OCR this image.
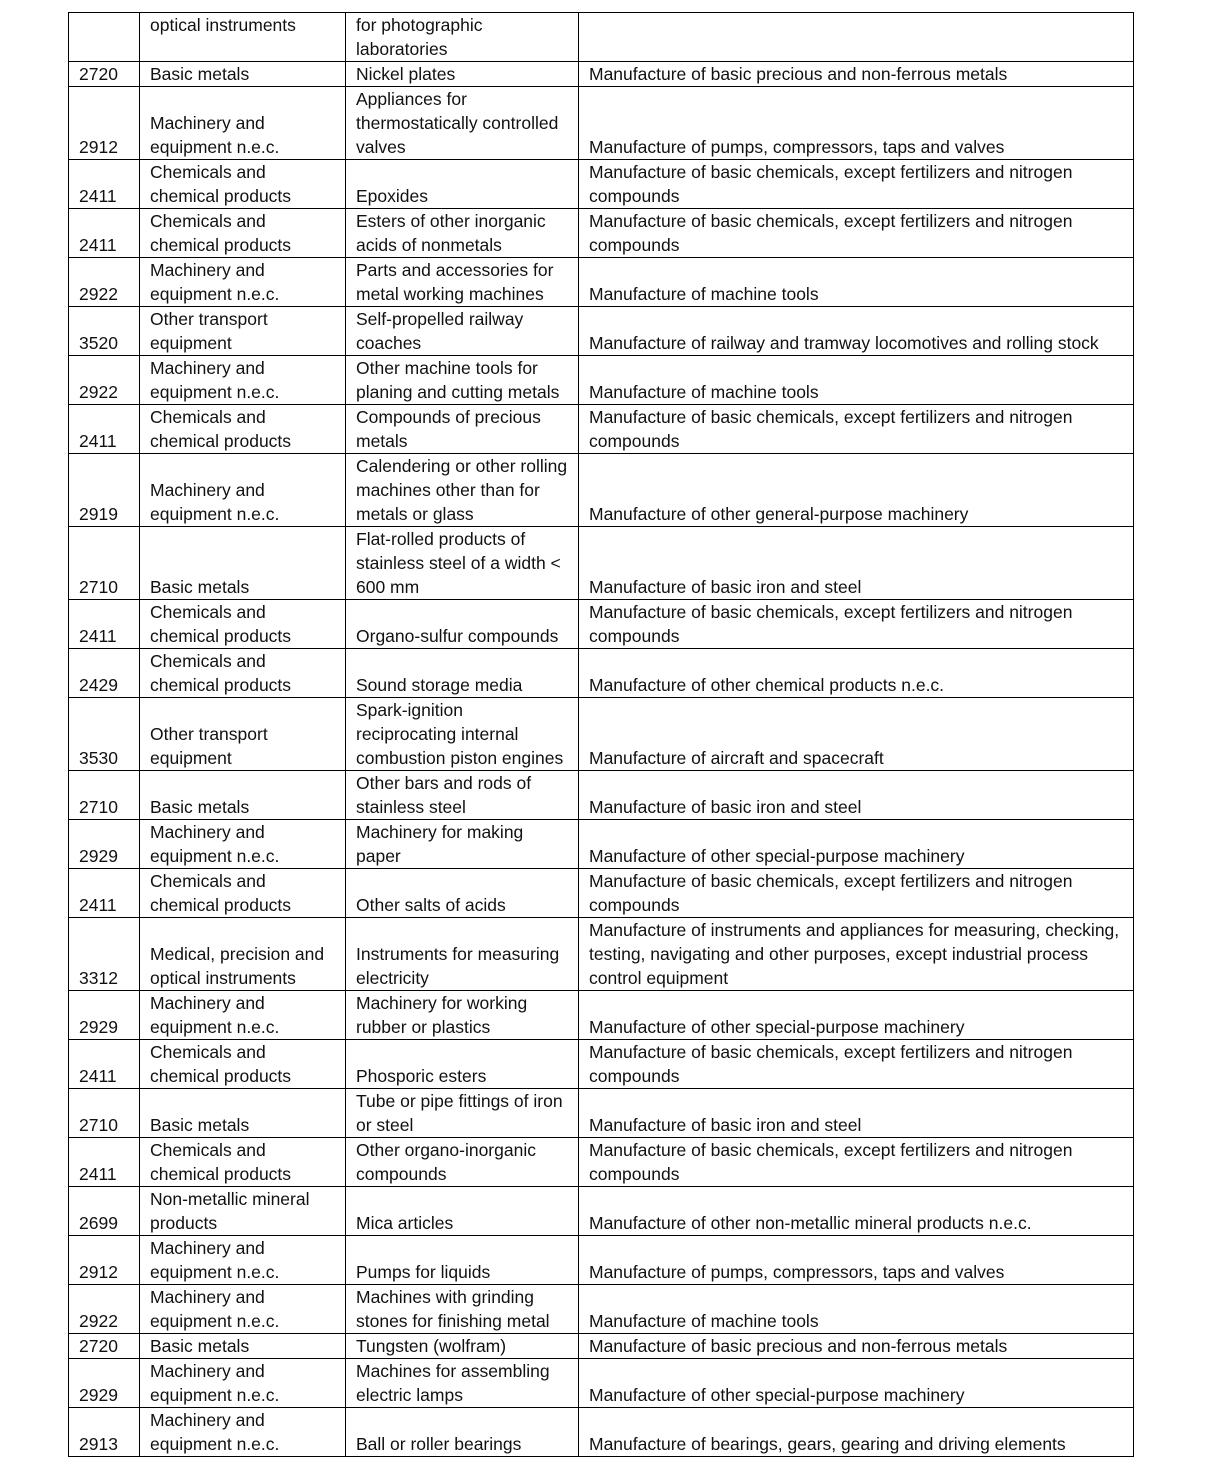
	optical instruments	for photographic laboratories	
2720	Basic metals	Nickel plates	Manufacture of basic precious and non-ferrous metals
2912	Machinery and equipment n.e.c.	Appliances for thermostatically controlled valves	Manufacture of pumps, compressors, taps and valves
2411	Chemicals and chemical products	Epoxides	Manufacture of basic chemicals, except fertilizers and nitrogen compounds
2411	Chemicals and chemical products	Esters of other inorganic acids of nonmetals	Manufacture of basic chemicals, except fertilizers and nitrogen compounds
2922	Machinery and equipment n.e.c.	Parts and accessories for metal working machines	Manufacture of machine tools
3520	Other transport equipment	Self-propelled railway coaches	Manufacture of railway and tramway locomotives and rolling stock
2922	Machinery and equipment n.e.c.	Other machine tools for planing and cutting metals	Manufacture of machine tools
2411	Chemicals and chemical products	Compounds of precious metals	Manufacture of basic chemicals, except fertilizers and nitrogen compounds
2919	Machinery and equipment n.e.c.	Calendering or other rolling machines other than for metals or glass	Manufacture of other general-purpose machinery
2710	Basic metals	Flat-rolled products of stainless steel of a width < 600 mm	Manufacture of basic iron and steel
2411	Chemicals and chemical products	Organo-sulfur compounds	Manufacture of basic chemicals, except fertilizers and nitrogen compounds
2429	Chemicals and chemical products	Sound storage media	Manufacture of other chemical products n.e.c.
3530	Other transport equipment	Spark-ignition reciprocating internal combustion piston engines	Manufacture of aircraft and spacecraft
2710	Basic metals	Other bars and rods of stainless steel	Manufacture of basic iron and steel
2929	Machinery and equipment n.e.c.	Machinery for making paper	Manufacture of other special-purpose machinery
2411	Chemicals and chemical products	Other salts of acids	Manufacture of basic chemicals, except fertilizers and nitrogen compounds
3312	Medical, precision and optical instruments	Instruments for measuring electricity	Manufacture of instruments and appliances for measuring, checking, testing, navigating and other purposes, except industrial process control equipment
2929	Machinery and equipment n.e.c.	Machinery for working rubber or plastics	Manufacture of other special-purpose machinery
2411	Chemicals and chemical products	Phosporic esters	Manufacture of basic chemicals, except fertilizers and nitrogen compounds
2710	Basic metals	Tube or pipe fittings of iron or steel	Manufacture of basic iron and steel
2411	Chemicals and chemical products	Other organo-inorganic compounds	Manufacture of basic chemicals, except fertilizers and nitrogen compounds
2699	Non-metallic mineral products	Mica articles	Manufacture of other non-metallic mineral products n.e.c.
2912	Machinery and equipment n.e.c.	Pumps for liquids	Manufacture of pumps, compressors, taps and valves
2922	Machinery and equipment n.e.c.	Machines with grinding stones for finishing metal	Manufacture of machine tools
2720	Basic metals	Tungsten (wolfram)	Manufacture of basic precious and non-ferrous metals
2929	Machinery and equipment n.e.c.	Machines for assembling electric lamps	Manufacture of other special-purpose machinery
2913	Machinery and equipment n.e.c.	Ball or roller bearings	Manufacture of bearings, gears, gearing and driving elements
